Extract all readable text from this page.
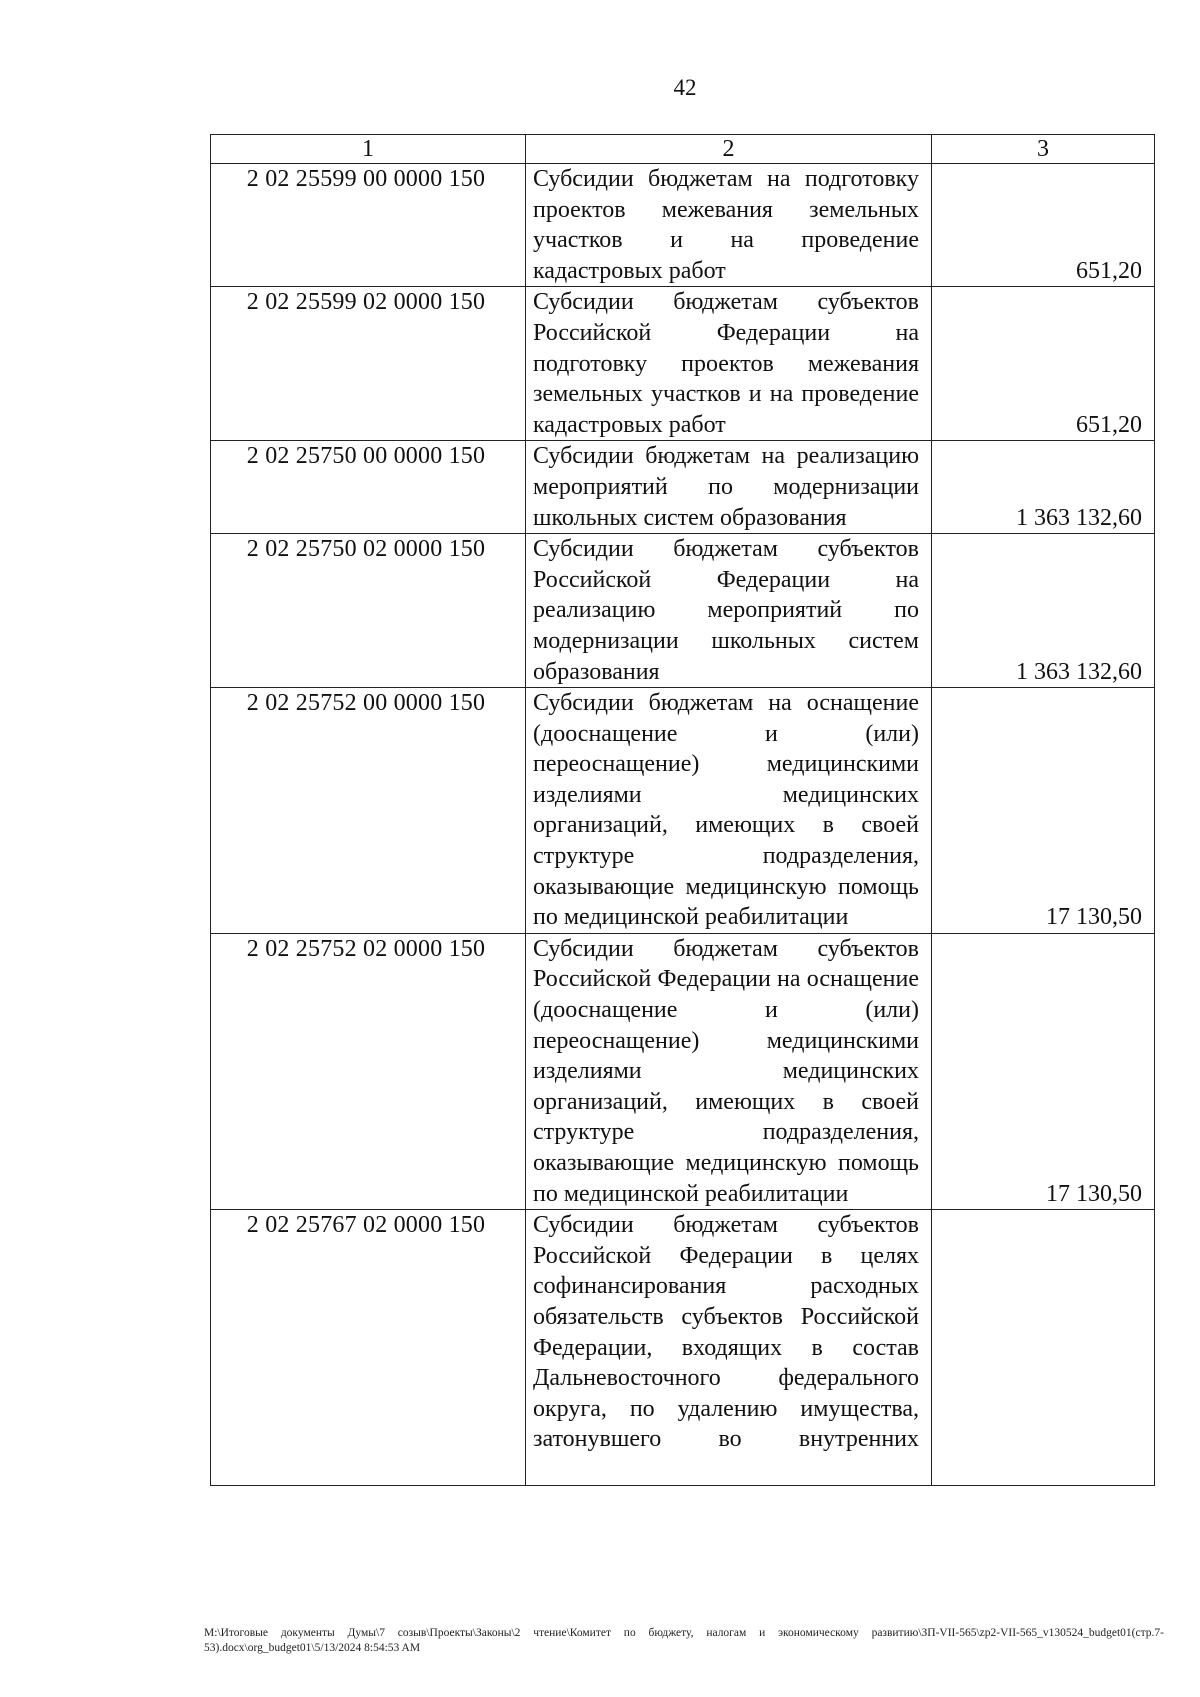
42
1	2	3
2 02 25599 00 0000 150	Субсидии бюджетам на подготовку проектов межевания земельных участков и на проведение кадастровых работ	651,20
2 02 25599 02 0000 150	Субсидии бюджетам субъектов Российской Федерации на подготовку проектов межевания земельных участков и на проведение кадастровых работ	651,20
2 02 25750 00 0000 150	Субсидии бюджетам на реализацию мероприятий по модернизации школьных систем образования	1 363 132,60
2 02 25750 02 0000 150	Субсидии бюджетам субъектов Российской Федерации на реализацию мероприятий по модернизации школьных систем образования	1 363 132,60
2 02 25752 00 0000 150	Субсидии бюджетам на оснащение (дооснащение и (или) переоснащение) медицинскими изделиями медицинских организаций, имеющих в своей структуре подразделения, оказывающие медицинскую помощь по медицинской реабилитации	17 130,50
2 02 25752 02 0000 150	Субсидии бюджетам субъектов Российской Федерации на оснащение (дооснащение и (или) переоснащение) медицинскими изделиями медицинских организаций, имеющих в своей структуре подразделения, оказывающие медицинскую помощь по медицинской реабилитации	17 130,50
2 02 25767 02 0000 150	Субсидии бюджетам субъектов Российской Федерации в целях софинансирования расходных обязательств субъектов Российской Федерации, входящих в состав Дальневосточного федерального округа, по удалению имущества, затонувшего во внутренних	
M:\Итоговые документы Думы\7 созыв\Проекты\Законы\2 чтение\Комитет по бюджету, налогам и экономическому развитию\ЗП-VII-565\zp2-VII-565_v130524_budget01(стр.7-53).docx\org_budget01\5/13/2024 8:54:53 AM
